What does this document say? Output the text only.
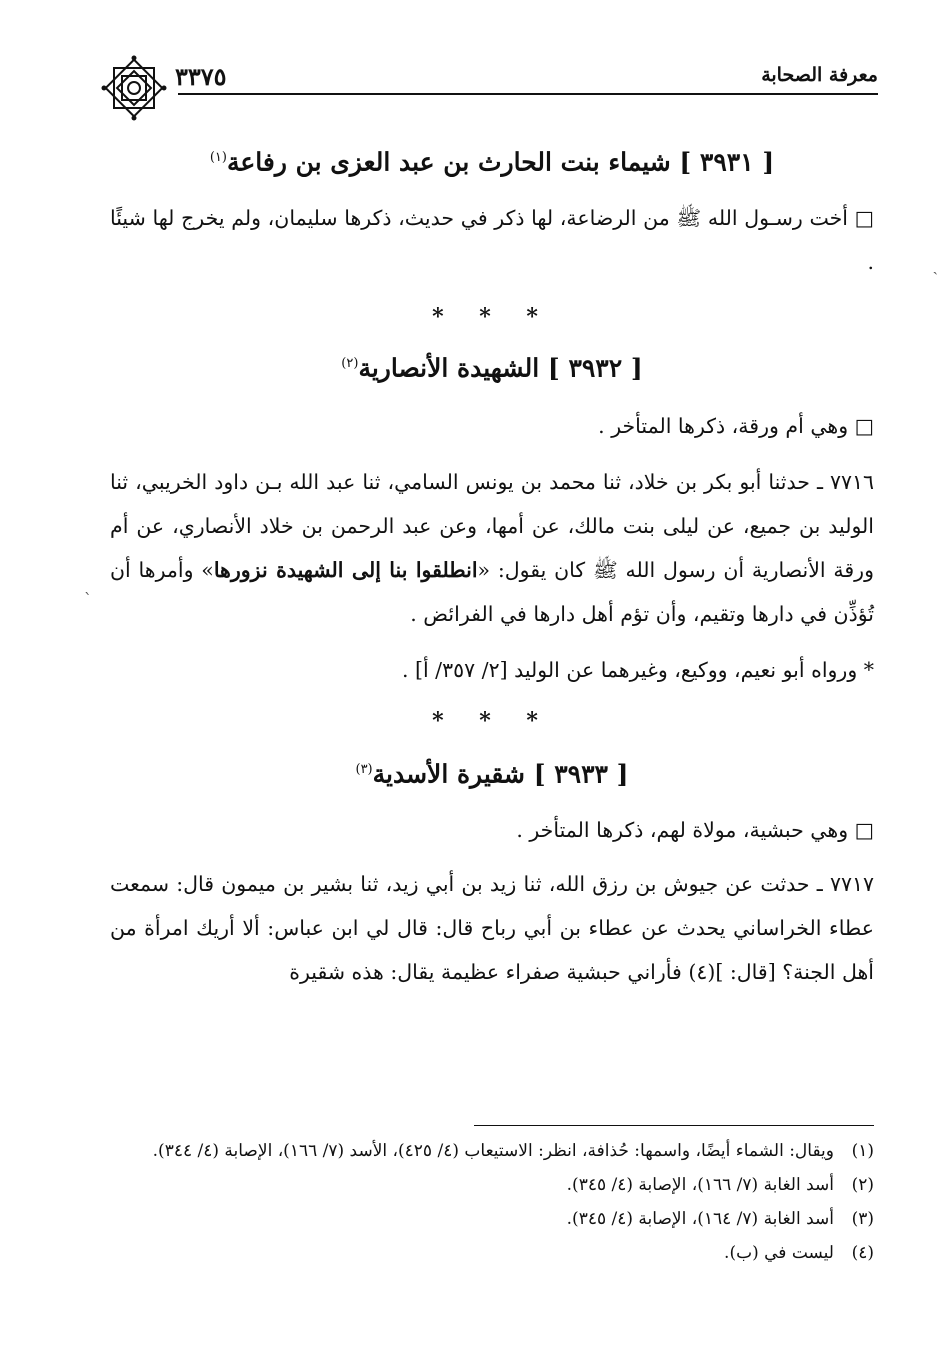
معرفة الصحابة
٣٣٧٥
ˏ
ˋ
[ ٣٩٣١ ] شيماء بنت الحارث بن عبد العزى بن رفاعة$^{(١)}$

□ أخت رسـول الله ﷺ من الرضاعة، لها ذكر في حديث، ذكرها سليمان، ولم يخرج لها شيئًا .

* * *
[ ٣٩٣٢ ] الشهيدة الأنصارية$^{(٢)}$

□ وهي أم ورقة، ذكرها المتأخر .

٧٧١٦ ـ حدثنا أبو بكر بن خلاد، ثنا محمد بن يونس السامي، ثنا عبد الله بـن داود الخريبي، ثنا الوليد بن جميع، عن ليلى بنت مالك، عن أمها، وعن عبد الرحمن بن خلاد الأنصاري، عن أم ورقة الأنصارية أن رسول الله ﷺ كان يقول: «انطلقوا بنا إلى الشهيدة نزورها» وأمرها أن تُؤذِّن في دارها وتقيم، وأن تؤم أهل دارها في الفرائض .

* ورواه أبو نعيم، ووكيع، وغيرهما عن الوليد [٢/ ٣٥٧/ أ] .

* * *
[ ٣٩٣٣ ] شقيرة الأسدية$^{(٣)}$

□ وهي حبشية، مولاة لهم، ذكرها المتأخر .

٧٧١٧ ـ حدثت عن جيوش بن رزق الله، ثنا زيد بن أبي زيد، ثنا بشير بن ميمون قال: سمعت عطاء الخراساني يحدث عن عطاء بن أبي رباح قال: قال لي ابن عباس: ألا أريك امرأة من أهل الجنة؟ [قال: ](٤) فأراني حبشية صفراء عظيمة يقال: هذه شقيرة

(١)
ويقال: الشماء أيضًا، واسمها: حُذافة، انظر: الاستيعاب (٤/ ٤٢٥)، الأسد (٧/ ١٦٦)، الإصابة (٤/ ٣٤٤).

(٢)
أسد الغابة (٧/ ١٦٦)، الإصابة (٤/ ٣٤٥).

(٣)
أسد الغابة (٧/ ١٦٤)، الإصابة (٤/ ٣٤٥).

(٤)
ليست في (ب).
